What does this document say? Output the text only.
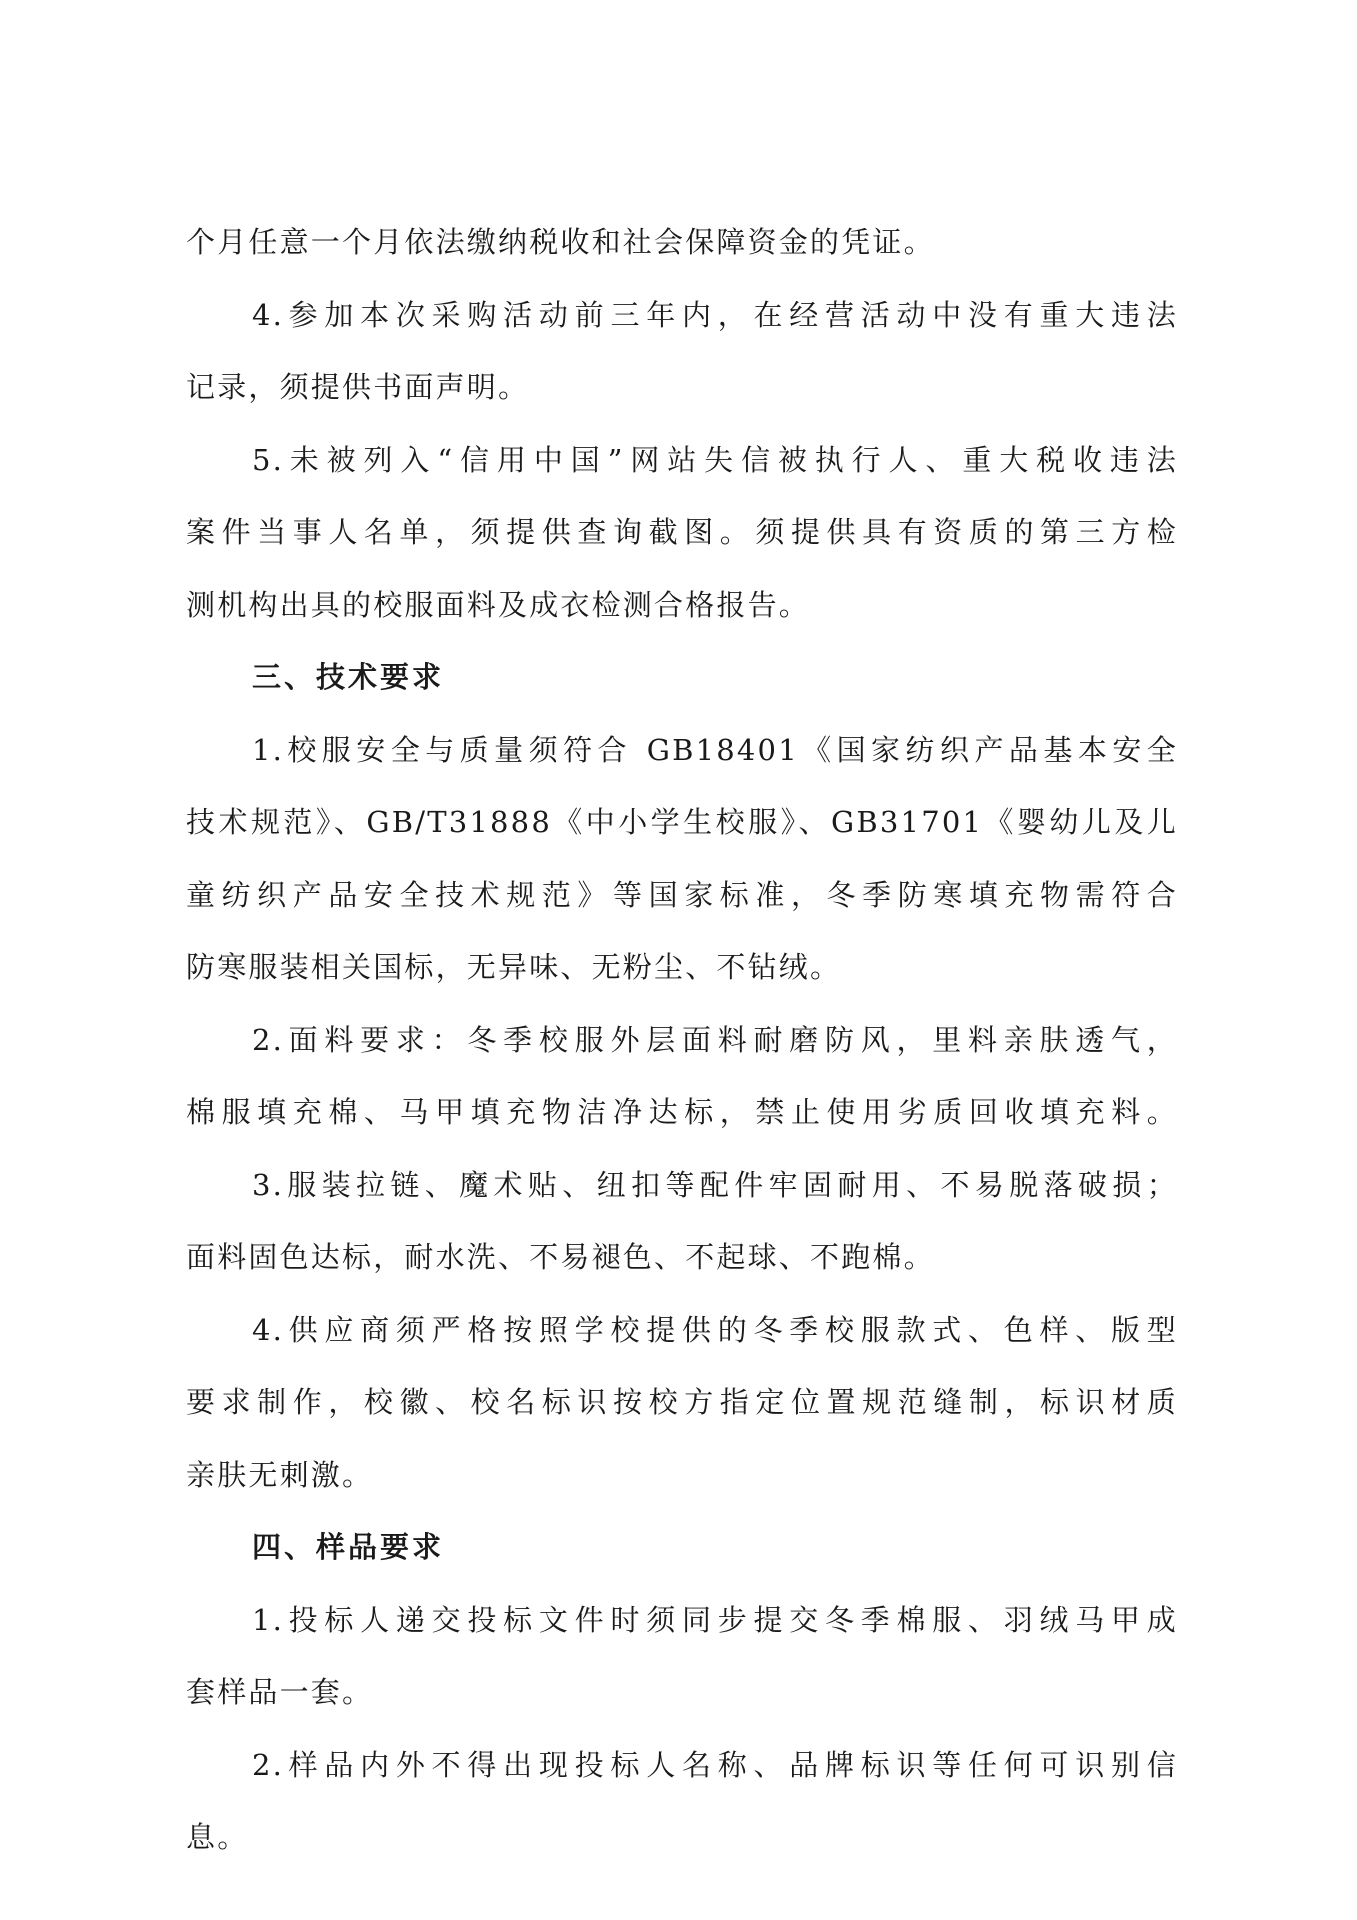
个月任意一个月依法缴纳税收和社会保障资金的凭证。
4.参加本次采购活动前三年内，在经营活动中没有重大违法
记录，须提供书面声明。
5.未被列入“信用中国”网站失信被执行人、重大税收违法
案件当事人名单，须提供查询截图。须提供具有资质的第三方检
测机构出具的校服面料及成衣检测合格报告。
三、技术要求
1.校服安全与质量须符合 GB18401《国家纺织产品基本安全
技术规范》、GB/T31888《中小学生校服》、GB31701《婴幼儿及儿
童纺织产品安全技术规范》等国家标准，冬季防寒填充物需符合
防寒服装相关国标，无异味、无粉尘、不钻绒。
2.面料要求：冬季校服外层面料耐磨防风，里料亲肤透气，
棉服填充棉、马甲填充物洁净达标，禁止使用劣质回收填充料。
3.服装拉链、魔术贴、纽扣等配件牢固耐用、不易脱落破损；
面料固色达标，耐水洗、不易褪色、不起球、不跑棉。
4.供应商须严格按照学校提供的冬季校服款式、色样、版型
要求制作，校徽、校名标识按校方指定位置规范缝制，标识材质
亲肤无刺激。
四、样品要求
1.投标人递交投标文件时须同步提交冬季棉服、羽绒马甲成
套样品一套。
2.样品内外不得出现投标人名称、品牌标识等任何可识别信
息。
